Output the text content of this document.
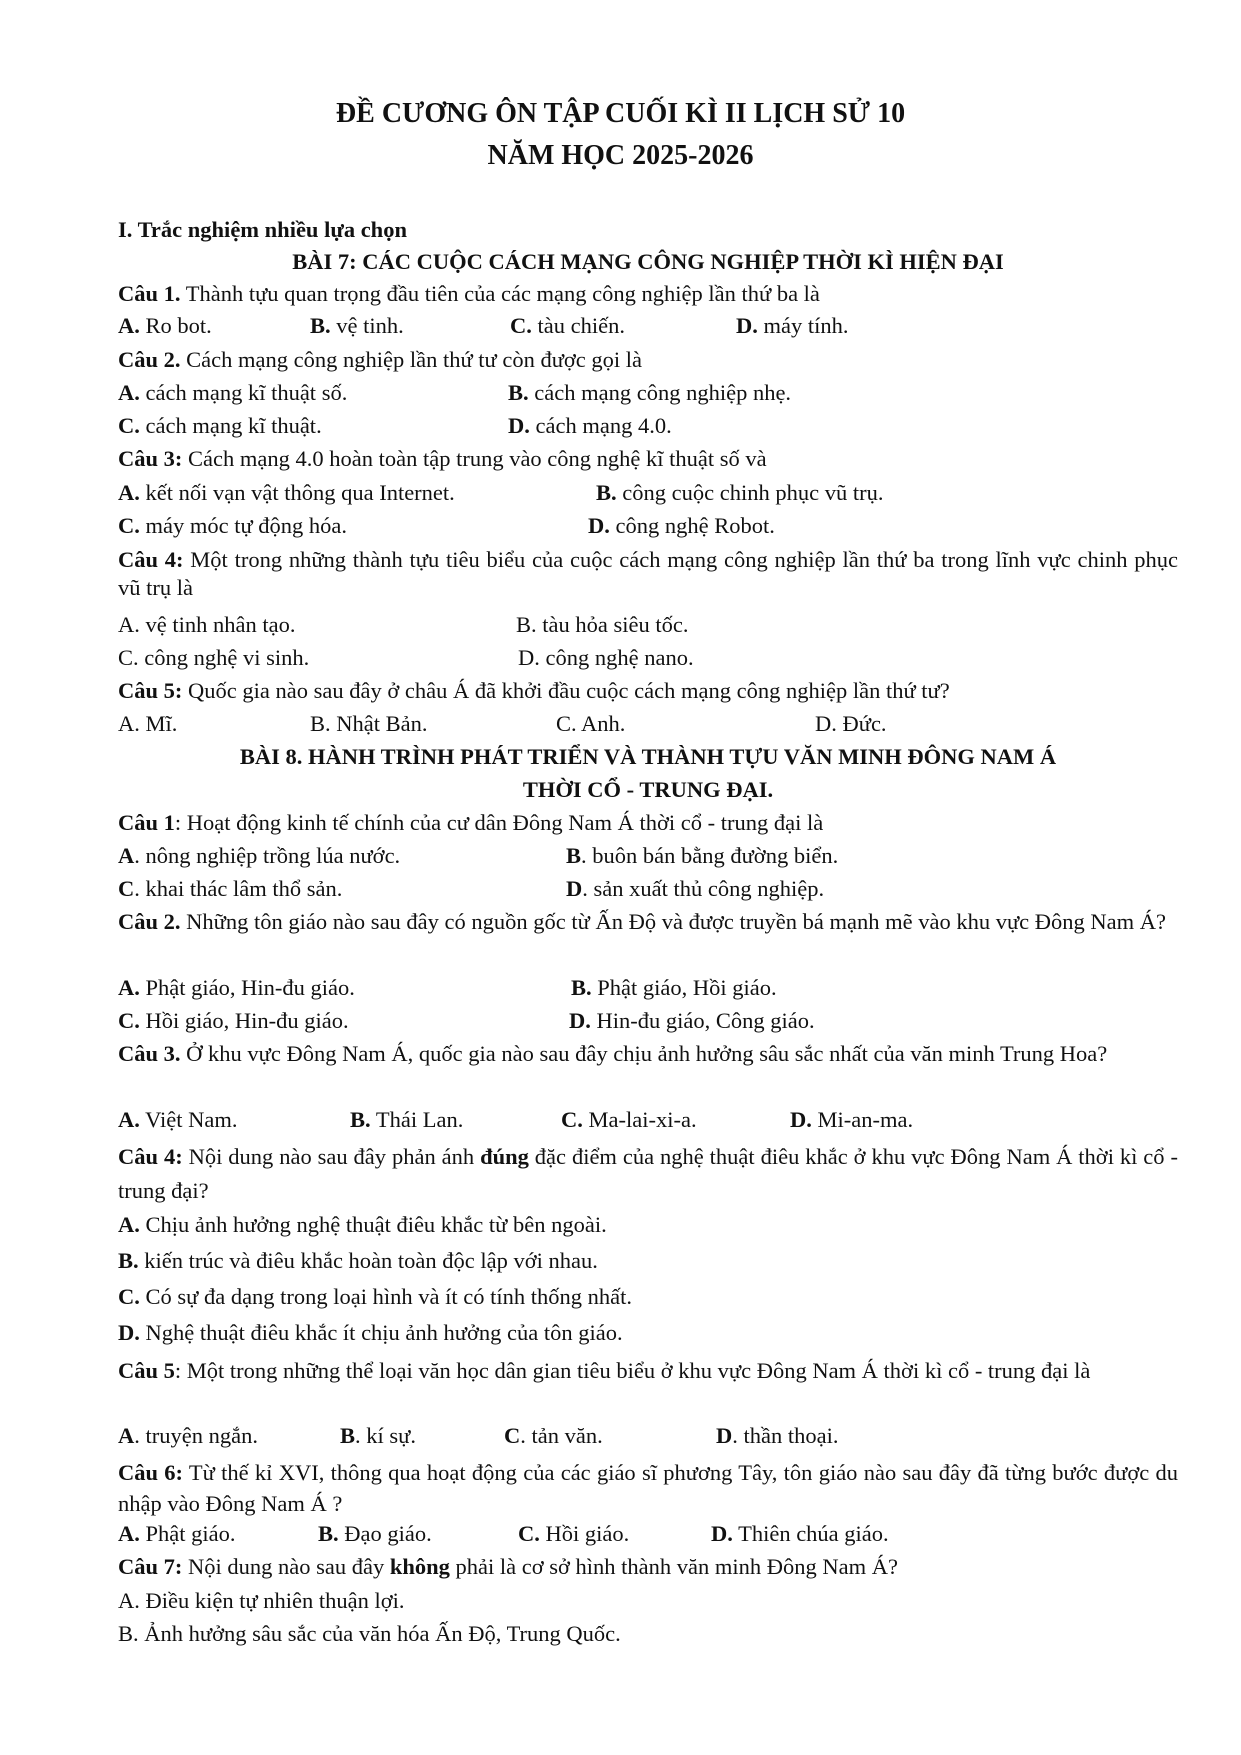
ĐỀ CƯƠNG ÔN TẬP CUỐI KÌ II LỊCH SỬ 10
NĂM HỌC 2025-2026
I. Trắc nghiệm nhiều lựa chọn
BÀI 7: CÁC CUỘC CÁCH MẠNG CÔNG NGHIỆP THỜI KÌ HIỆN ĐẠI
Câu 1. Thành tựu quan trọng đầu tiên của các mạng công nghiệp lần thứ ba là
A. Ro bot.	B. vệ tinh.	C. tàu chiến.	D. máy tính.
Câu 2. Cách mạng công nghiệp lần thứ tư còn được gọi là
A. cách mạng kĩ thuật số.	B. cách mạng công nghiệp nhẹ.
C. cách mạng kĩ thuật.	D. cách mạng 4.0.
Câu 3: Cách mạng 4.0 hoàn toàn tập trung vào công nghệ kĩ thuật số và
A. kết nối vạn vật thông qua Internet.	B. công cuộc chinh phục vũ trụ.
C. máy móc tự động hóa.	D. công nghệ Robot.
Câu 4: Một trong những thành tựu tiêu biểu của cuộc cách mạng công nghiệp lần thứ ba trong lĩnh vực chinh phục vũ trụ là
A. vệ tinh nhân tạo.	B. tàu hỏa siêu tốc.
C. công nghệ vi sinh.	D. công nghệ nano.
Câu 5: Quốc gia nào sau đây ở châu Á đã khởi đầu cuộc cách mạng công nghiệp lần thứ tư?
A. Mĩ.	B. Nhật Bản.	C. Anh.	D. Đức.
BÀI 8. HÀNH TRÌNH PHÁT TRIỂN VÀ THÀNH TỰU VĂN MINH ĐÔNG NAM Á
THỜI CỔ - TRUNG ĐẠI.
Câu 1: Hoạt động kinh tế chính của cư dân Đông Nam Á thời cổ - trung đại là
A. nông nghiệp trồng lúa nước.	B. buôn bán bằng đường biển.
C. khai thác lâm thổ sản.	D. sản xuất thủ công nghiệp.
Câu 2. Những tôn giáo nào sau đây có nguồn gốc từ Ấn Độ và được truyền bá mạnh mẽ vào khu vực Đông Nam Á?
A. Phật giáo, Hin-đu giáo.	B. Phật giáo, Hồi giáo.
C. Hồi giáo, Hin-đu giáo.	D. Hin-đu giáo, Công giáo.
Câu 3. Ở khu vực Đông Nam Á, quốc gia nào sau đây chịu ảnh hưởng sâu sắc nhất của văn minh Trung Hoa?
A. Việt Nam.	B. Thái Lan.	C. Ma-lai-xi-a.	D. Mi-an-ma.
Câu 4: Nội dung nào sau đây phản ánh đúng đặc điểm của nghệ thuật điêu khắc ở khu vực Đông Nam Á thời kì cổ - trung đại?
A. Chịu ảnh hưởng nghệ thuật điêu khắc từ bên ngoài.
B. kiến trúc và điêu khắc hoàn toàn độc lập với nhau.
C. Có sự đa dạng trong loại hình và ít có tính thống nhất.
D. Nghệ thuật điêu khắc ít chịu ảnh hưởng của tôn giáo.
Câu 5: Một trong những thể loại văn học dân gian tiêu biểu ở khu vực Đông Nam Á thời kì cổ - trung đại là
A. truyện ngắn.	B. kí sự.	C. tản văn.	D. thần thoại.
Câu 6: Từ thế kỉ XVI, thông qua hoạt động của các giáo sĩ phương Tây, tôn giáo nào sau đây đã từng bước được du nhập vào Đông Nam Á ?
A. Phật giáo.	B. Đạo giáo.	C. Hồi giáo.	D. Thiên chúa giáo.
Câu 7: Nội dung nào sau đây không phải là cơ sở hình thành văn minh Đông Nam Á?
A. Điều kiện tự nhiên thuận lợi.
B. Ảnh hưởng sâu sắc của văn hóa Ấn Độ, Trung Quốc.
